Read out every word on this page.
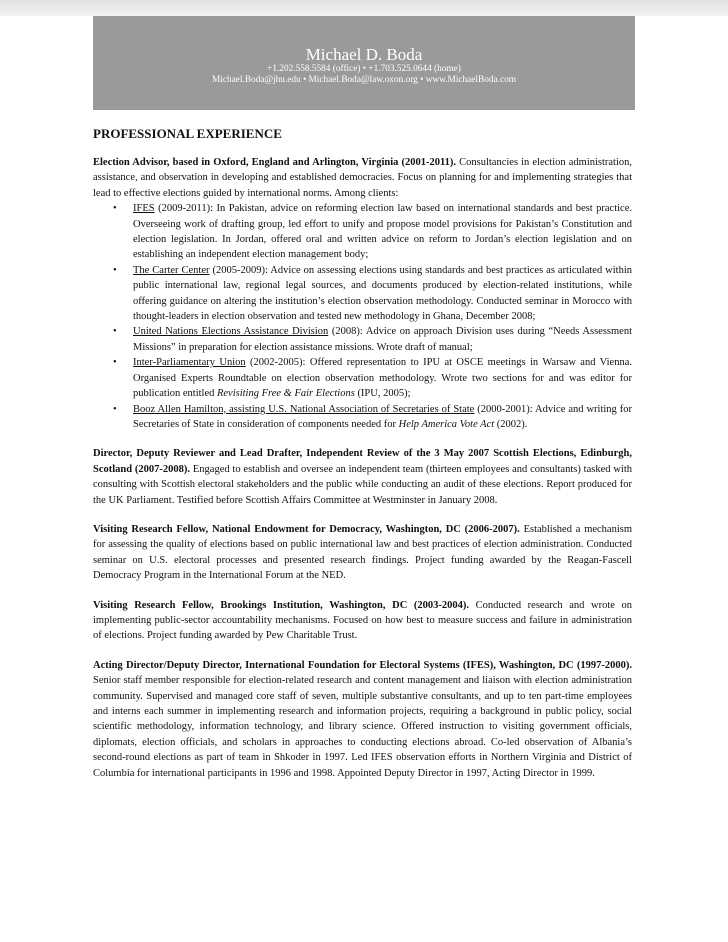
Michael D. Boda
+1.202.558.5584 (office) • +1.703.525.0644 (home)
Michael.Boda@jhu.edu • Michael.Boda@law.oxon.org • www.MichaelBoda.com
PROFESSIONAL EXPERIENCE

Election Advisor, based in Oxford, England and Arlington, Virginia (2001-2011). Consultancies in election administration, assistance, and observation in developing and established democracies. Focus on planning for and implementing strategies that lead to effective elections guided by international norms. Among clients:

• IFES (2009-2011): In Pakistan, advice on reforming election law based on international standards and best practice. Overseeing work of drafting group, led effort to unify and propose model provisions for Pakistan’s Constitution and election legislation. In Jordan, offered oral and written advice on reform to Jordan’s election legislation and on establishing an independent election management body;
• The Carter Center (2005-2009): Advice on assessing elections using standards and best practices as articulated within public international law, regional legal sources, and documents produced by election-related institutions, while offering guidance on altering the institution’s election observation methodology. Conducted seminar in Morocco with thought-leaders in election observation and tested new methodology in Ghana, December 2008;
• United Nations Elections Assistance Division (2008): Advice on approach Division uses during “Needs Assessment Missions” in preparation for election assistance missions. Wrote draft of manual;
• Inter-Parliamentary Union (2002-2005): Offered representation to IPU at OSCE meetings in Warsaw and Vienna. Organised Experts Roundtable on election observation methodology. Wrote two sections for and was editor for publication entitled Revisiting Free & Fair Elections (IPU, 2005);
• Booz Allen Hamilton, assisting U.S. National Association of Secretaries of State (2000-2001): Advice and writing for Secretaries of State in consideration of components needed for Help America Vote Act (2002).

Director, Deputy Reviewer and Lead Drafter, Independent Review of the 3 May 2007 Scottish Elections, Edinburgh, Scotland (2007-2008). Engaged to establish and oversee an independent team (thirteen employees and consultants) tasked with consulting with Scottish electoral stakeholders and the public while conducting an audit of these elections. Report produced for the UK Parliament. Testified before Scottish Affairs Committee at Westminster in January 2008.

Visiting Research Fellow, National Endowment for Democracy, Washington, DC (2006-2007). Established a mechanism for assessing the quality of elections based on public international law and best practices of election administration. Conducted seminar on U.S. electoral processes and presented research findings. Project funding awarded by the Reagan-Fascell Democracy Program in the International Forum at the NED.

Visiting Research Fellow, Brookings Institution, Washington, DC (2003-2004). Conducted research and wrote on implementing public-sector accountability mechanisms. Focused on how best to measure success and failure in administration of elections. Project funding awarded by Pew Charitable Trust.

Acting Director/Deputy Director, International Foundation for Electoral Systems (IFES), Washington, DC (1997-2000). Senior staff member responsible for election-related research and content management and liaison with election administration community. Supervised and managed core staff of seven, multiple substantive consultants, and up to ten part-time employees and interns each summer in implementing research and information projects, requiring a background in public policy, social scientific methodology, information technology, and library science. Offered instruction to visiting government officials, diplomats, election officials, and scholars in approaches to conducting elections abroad. Co-led observation of Albania’s second-round elections as part of team in Shkoder in 1997. Led IFES observation efforts in Northern Virginia and District of Columbia for international participants in 1996 and 1998. Appointed Deputy Director in 1997, Acting Director in 1999.
